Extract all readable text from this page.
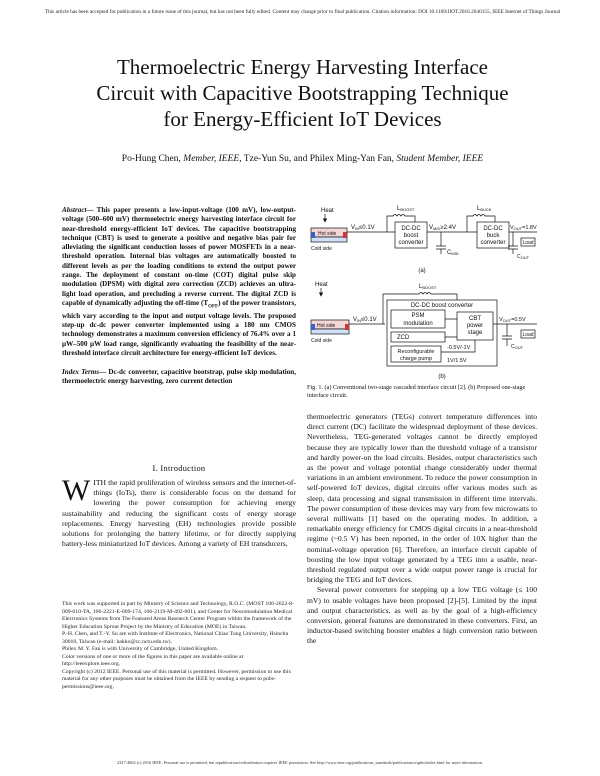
This article has been accepted for publication in a future issue of this journal, but has not been fully edited. Content may change prior to final publication. Citation information: DOI 10.1109/JIOT.2016.2640155, IEEE Internet of Things Journal
Thermoelectric Energy Harvesting Interface
Circuit with Capacitive Bootstrapping Technique
for Energy-Efficient IoT Devices
Po-Hung Chen, Member, IEEE, Tze-Yun Su, and Philex Ming-Yan Fan, Student Member, IEEE
Abstract— This paper presents a low-input-voltage (100 mV), low-output-voltage (500–600 mV) thermoelectric energy harvesting interface circuit for near-threshold energy-efficient IoT devices. The capacitive bootstrapping technique (CBT) is used to generate a positive and negative bias pair for alleviating the significant conduction losses of power MOSFETs in a near-threshold operation. Internal bias voltages are automatically boosted to different levels as per the loading conditions to extend the output power range. The deployment of constant on-time (COT) digital pulse skip modulation (DPSM) with digital zero correction (ZCD) achieves an ultra-light load operation, and precluding a reverse current. The digital ZCD is capable of dynamically adjusting the off-time $(T_{OFF})$ of the power transistors, which vary according to the input and output voltage levels. The proposed step-up dc-dc power converter implemented using a 180 nm CMOS technology demonstrates a maximum conversion efficiency of 76.4% over a 1 µW–500 µW load range, significantly evaluating the feasibility of the near-threshold interface circuit architecture for energy-efficient IoT devices.
Index Terms— Dc-dc converter, capacitive bootstrap, pulse skip modulation, thermoelectric energy harvesting, zero current detection
I. Introduction
WITH the rapid proliferation of wireless sensors and the internet-of-things (IoTs), there is considerable focus on the demand for lowering the power consumption for achieving energy sustainability and reducing the significant costs of energy storage replacements. Energy harvesting (EH) technologies provide possible solutions for prolonging the battery lifetime, or for directly supplying battery-less miniaturized IoT devices. Among a variety of EH transducers,

This work was supported in part by Ministry of Science and Technology, R.O.C. (MOST 106-2622-8-009-010-TA, 106-2221-E-009-174, 106-2119-M-492-001), and Center for Neuromodulation Medical Electronics Systems from The Featured Areas Research Center Program within the framework of the Higher Education Sprout Project by the Ministry of Education (MOE) in Taiwan.

P.-H. Chen, and T.-Y. Su are with Institute of Electronics, National Chiao Tung University, Hsinchu 30010, Taiwan (e-mail: hakko@cc.nctu.edu.tw).

Philex M. Y. Fan is with University of Cambridge, United Kingdom.

Color versions of one or more of the figures in this paper are available online at http://ieeexplore.ieee.org.

Copyright (c) 2012 IEEE. Personal use of this material is permitted. However, permission to use this material for any other purposes must be obtained from the IEEE by sending a request to pubs-permissions@ieee.org.

Heat
Hot side
Cold side
VIN≤0.1V
LBOOST
DC-DC
boost
converter
VMID≥2.4V
CMID
LBUCK
DC-DC
buck
converter
VOUT=1.8V
Load
$C_{OUT}$
(a)
Heat
Hot side
Cold side
VIN≤0.1V
LBOOST
DC-DC boost converter
PSM
modulation
ZCD
Reconfigurable
charge pump
CBT
power
stage
-0.5V/-1V
1V/1.5V
VOUT=0.5V
$C_{OUT}$
Load
(b)
Fig. 1. (a) Conventional two-stage cascaded interface circuit [2]. (b) Proposed one-stage interface circuit.

thermoelectric generators (TEGs) convert temperature differences into direct current (DC) facilitate the widespread deployment of these devices. Nevertheless, TEG-generated voltages cannot be directly employed because they are typically lower than the threshold voltage of a transistor and hardly power-on the load circuits. Besides, output characteristics such as the power and voltage potential change considerably under thermal variations in an ambient environment. To reduce the power consumption in self-powered IoT devices, digital circuits offer various modes such as sleep, data processing and signal transmission in different time intervals. The power consumption of these devices may vary from few microwatts to several milliwatts [1] based on the operating modes. In addition, a remarkable energy efficiency for CMOS digital circuits in a near-threshold regime (~0.5 V) has been reported, in the order of 10X higher than the nominal-voltage operation [6]. Therefore, an interface circuit capable of boosting the low input voltage generated by a TEG into a usable, near-threshold regulated output over a wide output power range is crucial for bridging the TEG and IoT devices.

Several power converters for stepping up a low TEG voltage (≤ 100 mV) to usable voltages have been proposed [2]-[5]. Limited by the input and output characteristics, as well as by the goal of a high-efficiency conversion, general features are demonstrated in these converters. First, an inductor-based switching booster enables a high conversion ratio between the

2327-4662 (c) 2016 IEEE. Personal use is permitted, but republication/redistribution requires IEEE permission. See http://www.ieee.org/publications_standards/publications/rights/index.html for more information.
